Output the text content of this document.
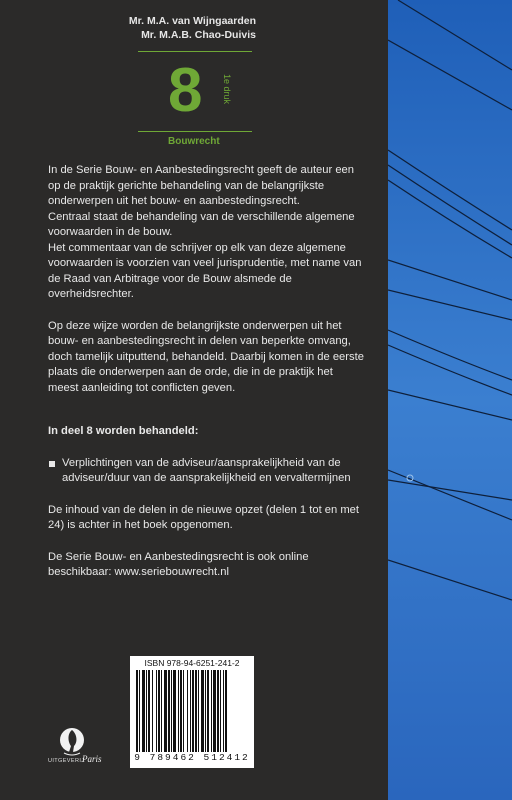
Mr. M.A. van Wijngaarden
Mr. M.A.B. Chao-Duivis
8 1e druk
Bouwrecht

In de Serie Bouw- en Aanbestedingsrecht geeft de auteur een op de praktijk gerichte behandeling van de belangrijkste onderwerpen uit het bouw- en aanbestedingsrecht.

Centraal staat de behandeling van de verschillende algemene voorwaarden in de bouw.

Het commentaar van de schrijver op elk van deze algemene voorwaarden is voorzien van veel jurisprudentie, met name van de Raad van Arbitrage voor de Bouw alsmede de overheidsrechter.

Op deze wijze worden de belangrijkste onderwerpen uit het bouw- en aanbestedingsrecht in delen van beperkte omvang, doch tamelijk uitputtend, behandeld. Daarbij komen in de eerste plaats die onderwerpen aan de orde, die in de praktijk het meest aanleiding tot conflicten geven.

In deel 8 worden behandeld:

Verplichtingen van de adviseur/aansprakelijkheid van de adviseur/duur van de aansprakelijkheid en vervaltermijnen

De inhoud van de delen in de nieuwe opzet (delen 1 tot en met 24) is achter in het boek opgenomen.

De Serie Bouw- en Aanbestedingsrecht is ook online beschikbaar: www.seriebouwrecht.nl

UITGEVERIJ
Paris
ISBN 978-94-6251-241-2
9 789462 512412
